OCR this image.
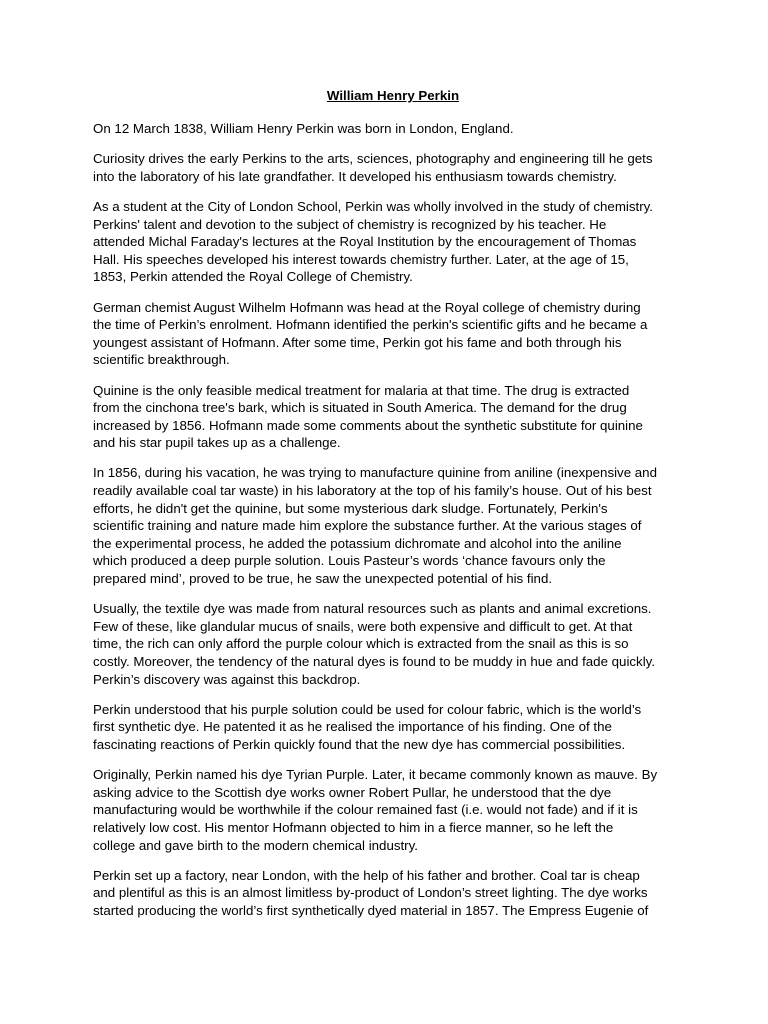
William Henry Perkin

On 12 March 1838, William Henry Perkin was born in London, England.

Curiosity drives the early Perkins to the arts, sciences, photography and engineering till he gets
into the laboratory of his late grandfather. It developed his enthusiasm towards chemistry.

As a student at the City of London School, Perkin was wholly involved in the study of chemistry.
Perkins' talent and devotion to the subject of chemistry is recognized by his teacher. He
attended Michal Faraday's lectures at the Royal Institution by the encouragement of Thomas
Hall. His speeches developed his interest towards chemistry further. Later, at the age of 15,
1853, Perkin attended the Royal College of Chemistry.

German chemist August Wilhelm Hofmann was head at the Royal college of chemistry during
the time of Perkin’s enrolment. Hofmann identified the perkin's scientific gifts and he became a
youngest assistant of Hofmann. After some time, Perkin got his fame and both through his
scientific breakthrough.

Quinine is the only feasible medical treatment for malaria at that time. The drug is extracted
from the cinchona tree's bark, which is situated in South America. The demand for the drug
increased by 1856. Hofmann made some comments about the synthetic substitute for quinine
and his star pupil takes up as a challenge.

In 1856, during his vacation, he was trying to manufacture quinine from aniline (inexpensive and
readily available coal tar waste) in his laboratory at the top of his family’s house. Out of his best
efforts, he didn't get the quinine, but some mysterious dark sludge. Fortunately, Perkin's
scientific training and nature made him explore the substance further. At the various stages of
the experimental process, he added the potassium dichromate and alcohol into the aniline
which produced a deep purple solution. Louis Pasteur’s words ‘chance favours only the
prepared mind’, proved to be true, he saw the unexpected potential of his find.

Usually, the textile dye was made from natural resources such as plants and animal excretions.
Few of these, like glandular mucus of snails, were both expensive and difficult to get. At that
time, the rich can only afford the purple colour which is extracted from the snail as this is so
costly. Moreover, the tendency of the natural dyes is found to be muddy in hue and fade quickly.
Perkin’s discovery was against this backdrop.

Perkin understood that his purple solution could be used for colour fabric, which is the world’s
first synthetic dye. He patented it as he realised the importance of his finding. One of the
fascinating reactions of Perkin quickly found that the new dye has commercial possibilities.

Originally, Perkin named his dye Tyrian Purple. Later, it became commonly known as mauve. By
asking advice to the Scottish dye works owner Robert Pullar, he understood that the dye
manufacturing would be worthwhile if the colour remained fast (i.e. would not fade) and if it is
relatively low cost. His mentor Hofmann objected to him in a fierce manner, so he left the
college and gave birth to the modern chemical industry.

Perkin set up a factory, near London, with the help of his father and brother. Coal tar is cheap
and plentiful as this is an almost limitless by-product of London’s street lighting. The dye works
started producing the world’s first synthetically dyed material in 1857. The Empress Eugenie of
